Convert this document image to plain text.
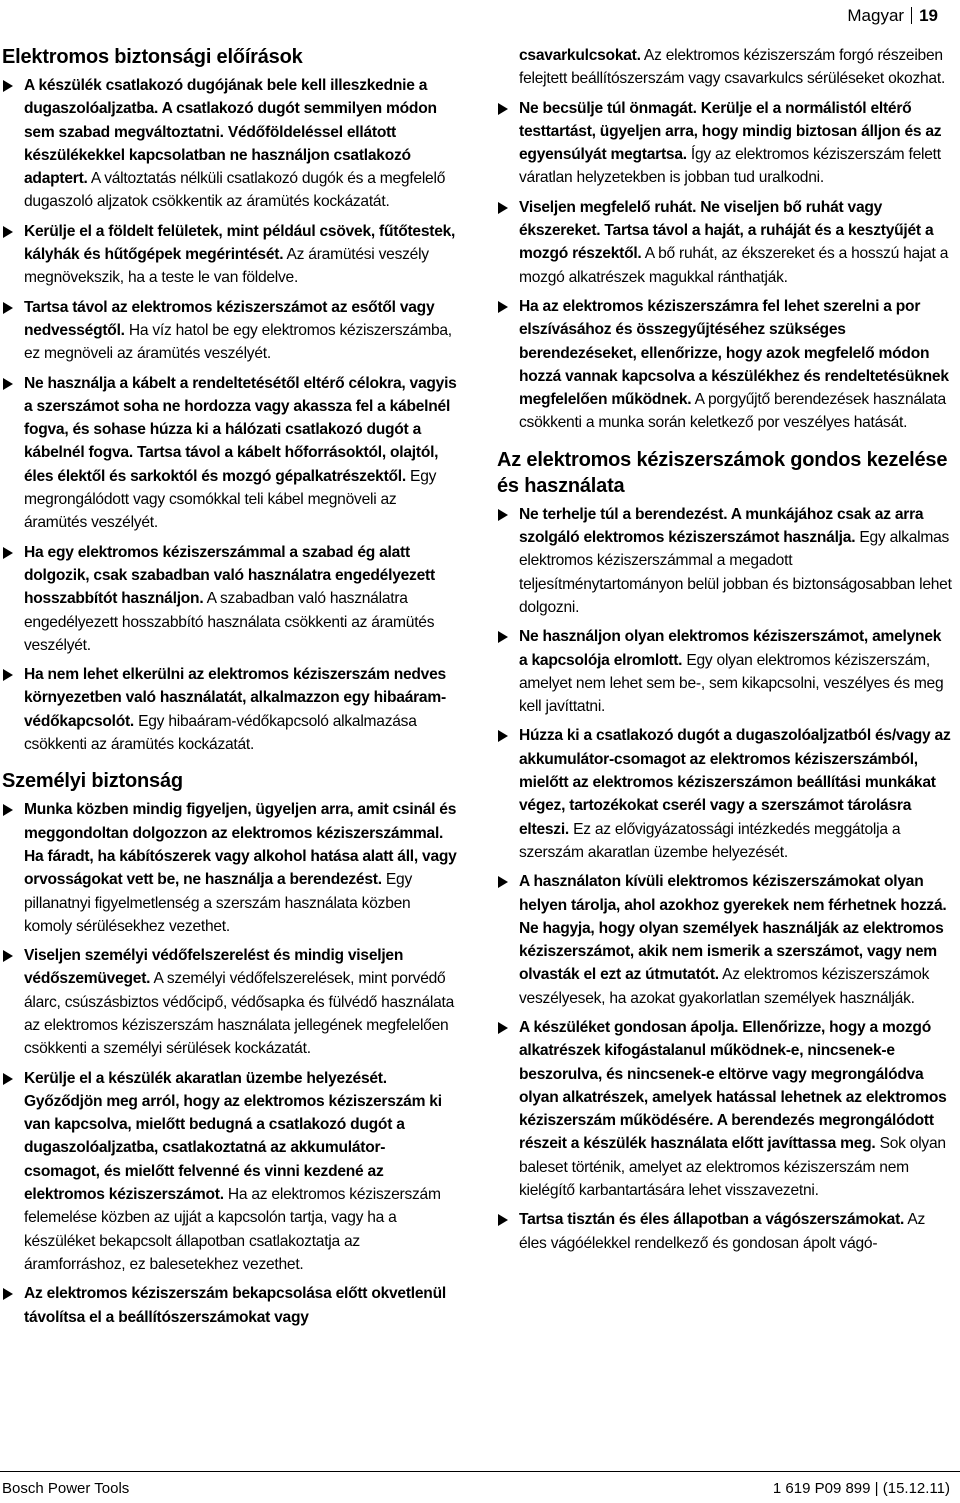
Magyar 19
Elektromos biztonsági előírások
A készülék csatlakozó dugójának bele kell illeszkednie a dugaszolóaljzatba. A csatlakozó dugót semmilyen módon sem szabad megváltoztatni. Védőföldeléssel ellátott készülékekkel kapcsolatban ne használjon csatlakozó adaptert. A változtatás nélküli csatlakozó dugók és a megfelelő dugaszoló aljzatok csökkentik az áramütés kockázatát.
Kerülje el a földelt felületek, mint például csövek, fűtőtestek, kályhák és hűtőgépek megérintését. Az áramütési veszély megnövekszik, ha a teste le van földelve.
Tartsa távol az elektromos kéziszerszámot az esőtől vagy nedvességtől. Ha víz hatol be egy elektromos kéziszerszámba, ez megnöveli az áramütés veszélyét.
Ne használja a kábelt a rendeltetésétől eltérő célokra, vagyis a szerszámot soha ne hordozza vagy akassza fel a kábelnél fogva, és sohase húzza ki a hálózati csatlakozó dugót a kábelnél fogva. Tartsa távol a kábelt hőforrásoktól, olajtól, éles élektől és sarkoktól és mozgó gépalkatrészektől. Egy megrongálódott vagy csomókkal teli kábel megnöveli az áramütés veszélyét.
Ha egy elektromos kéziszerszámmal a szabad ég alatt dolgozik, csak szabadban való használatra engedélyezett hosszabbítót használjon. A szabadban való használatra engedélyezett hosszabbító használata csökkenti az áramütés veszélyét.
Ha nem lehet elkerülni az elektromos kéziszerszám nedves környezetben való használatát, alkalmazzon egy hibaáram-védőkapcsolót. Egy hibaáram-védőkapcsoló alkalmazása csökkenti az áramütés kockázatát.
Személyi biztonság
Munka közben mindig figyeljen, ügyeljen arra, amit csinál és meggondoltan dolgozzon az elektromos kéziszerszámmal. Ha fáradt, ha kábítószerek vagy alkohol hatása alatt áll, vagy orvosságokat vett be, ne használja a berendezést. Egy pillanatnyi figyelmetlenség a szerszám használata közben komoly sérülésekhez vezethet.
Viseljen személyi védőfelszerelést és mindig viseljen védőszemüveget. A személyi védőfelszerelések, mint porvédő álarc, csúszásbiztos védőcipő, védősapka és fülvédő használata az elektromos kéziszerszám használata jellegének megfelelően csökkenti a személyi sérülések kockázatát.
Kerülje el a készülék akaratlan üzembe helyezését. Győződjön meg arról, hogy az elektromos kéziszerszám ki van kapcsolva, mielőtt bedugná a csatlakozó dugót a dugaszolóaljzatba, csatlakoztatná az akkumulátor-csomagot, és mielőtt felvenné és vinni kezdené az elektromos kéziszerszámot. Ha az elektromos kéziszerszám felemelése közben az ujját a kapcsolón tartja, vagy ha a készüléket bekapcsolt állapotban csatlakoztatja az áramforráshoz, ez balesetekhez vezethet.
Az elektromos kéziszerszám bekapcsolása előtt okvetlenül távolítsa el a beállítószerszámokat vagy
csavarkulcsokat. Az elektromos kéziszerszám forgó részeiben felejtett beállítószerszám vagy csavarkulcs sérüléseket okozhat.
Ne becsülje túl önmagát. Kerülje el a normálistól eltérő testtartást, ügyeljen arra, hogy mindig biztosan álljon és az egyensúlyát megtartsa. Így az elektromos kéziszerszám felett váratlan helyzetekben is jobban tud uralkodni.
Viseljen megfelelő ruhát. Ne viseljen bő ruhát vagy ékszereket. Tartsa távol a haját, a ruháját és a kesztyűjét a mozgó részektől. A bő ruhát, az ékszereket és a hosszú hajat a mozgó alkatrészek magukkal ránthatják.
Ha az elektromos kéziszerszámra fel lehet szerelni a por elszívásához és összegyűjtéséhez szükséges berendezéseket, ellenőrizze, hogy azok megfelelő módon hozzá vannak kapcsolva a készülékhez és rendeltetésüknek megfelelően működnek. A porgyűjtő berendezések használata csökkenti a munka során keletkező por veszélyes hatását.
Az elektromos kéziszerszámok gondos kezelése és használata
Ne terhelje túl a berendezést. A munkájához csak az arra szolgáló elektromos kéziszerszámot használja. Egy alkalmas elektromos kéziszerszámmal a megadott teljesítménytartományon belül jobban és biztonságosabban lehet dolgozni.
Ne használjon olyan elektromos kéziszerszámot, amelynek a kapcsolója elromlott. Egy olyan elektromos kéziszerszám, amelyet nem lehet sem be-, sem kikapcsolni, veszélyes és meg kell javíttatni.
Húzza ki a csatlakozó dugót a dugaszolóaljzatból és/vagy az akkumulátor-csomagot az elektromos kéziszerszámból, mielőtt az elektromos kéziszerszámon beállítási munkákat végez, tartozékokat cserél vagy a szerszámot tárolásra elteszi. Ez az elővigyázatossági intézkedés meggátolja a szerszám akaratlan üzembe helyezését.
A használaton kívüli elektromos kéziszerszámokat olyan helyen tárolja, ahol azokhoz gyerekek nem férhetnek hozzá. Ne hagyja, hogy olyan személyek használják az elektromos kéziszerszámot, akik nem ismerik a szerszámot, vagy nem olvasták el ezt az útmutatót. Az elektromos kéziszerszámok veszélyesek, ha azokat gyakorlatlan személyek használják.
A készüléket gondosan ápolja. Ellenőrizze, hogy a mozgó alkatrészek kifogástalanul működnek-e, nincsenek-e beszorulva, és nincsenek-e eltörve vagy megrongálódva olyan alkatrészek, amelyek hatással lehetnek az elektromos kéziszerszám működésére. A berendezés megrongálódott részeit a készülék használata előtt javíttassa meg. Sok olyan baleset történik, amelyet az elektromos kéziszerszám nem kielégítő karbantartására lehet visszavezetni.
Tartsa tisztán és éles állapotban a vágószerszámokat. Az éles vágóélekkel rendelkező és gondosan ápolt vágó-
Bosch Power Tools	1 619 P09 899 | (15.12.11)
